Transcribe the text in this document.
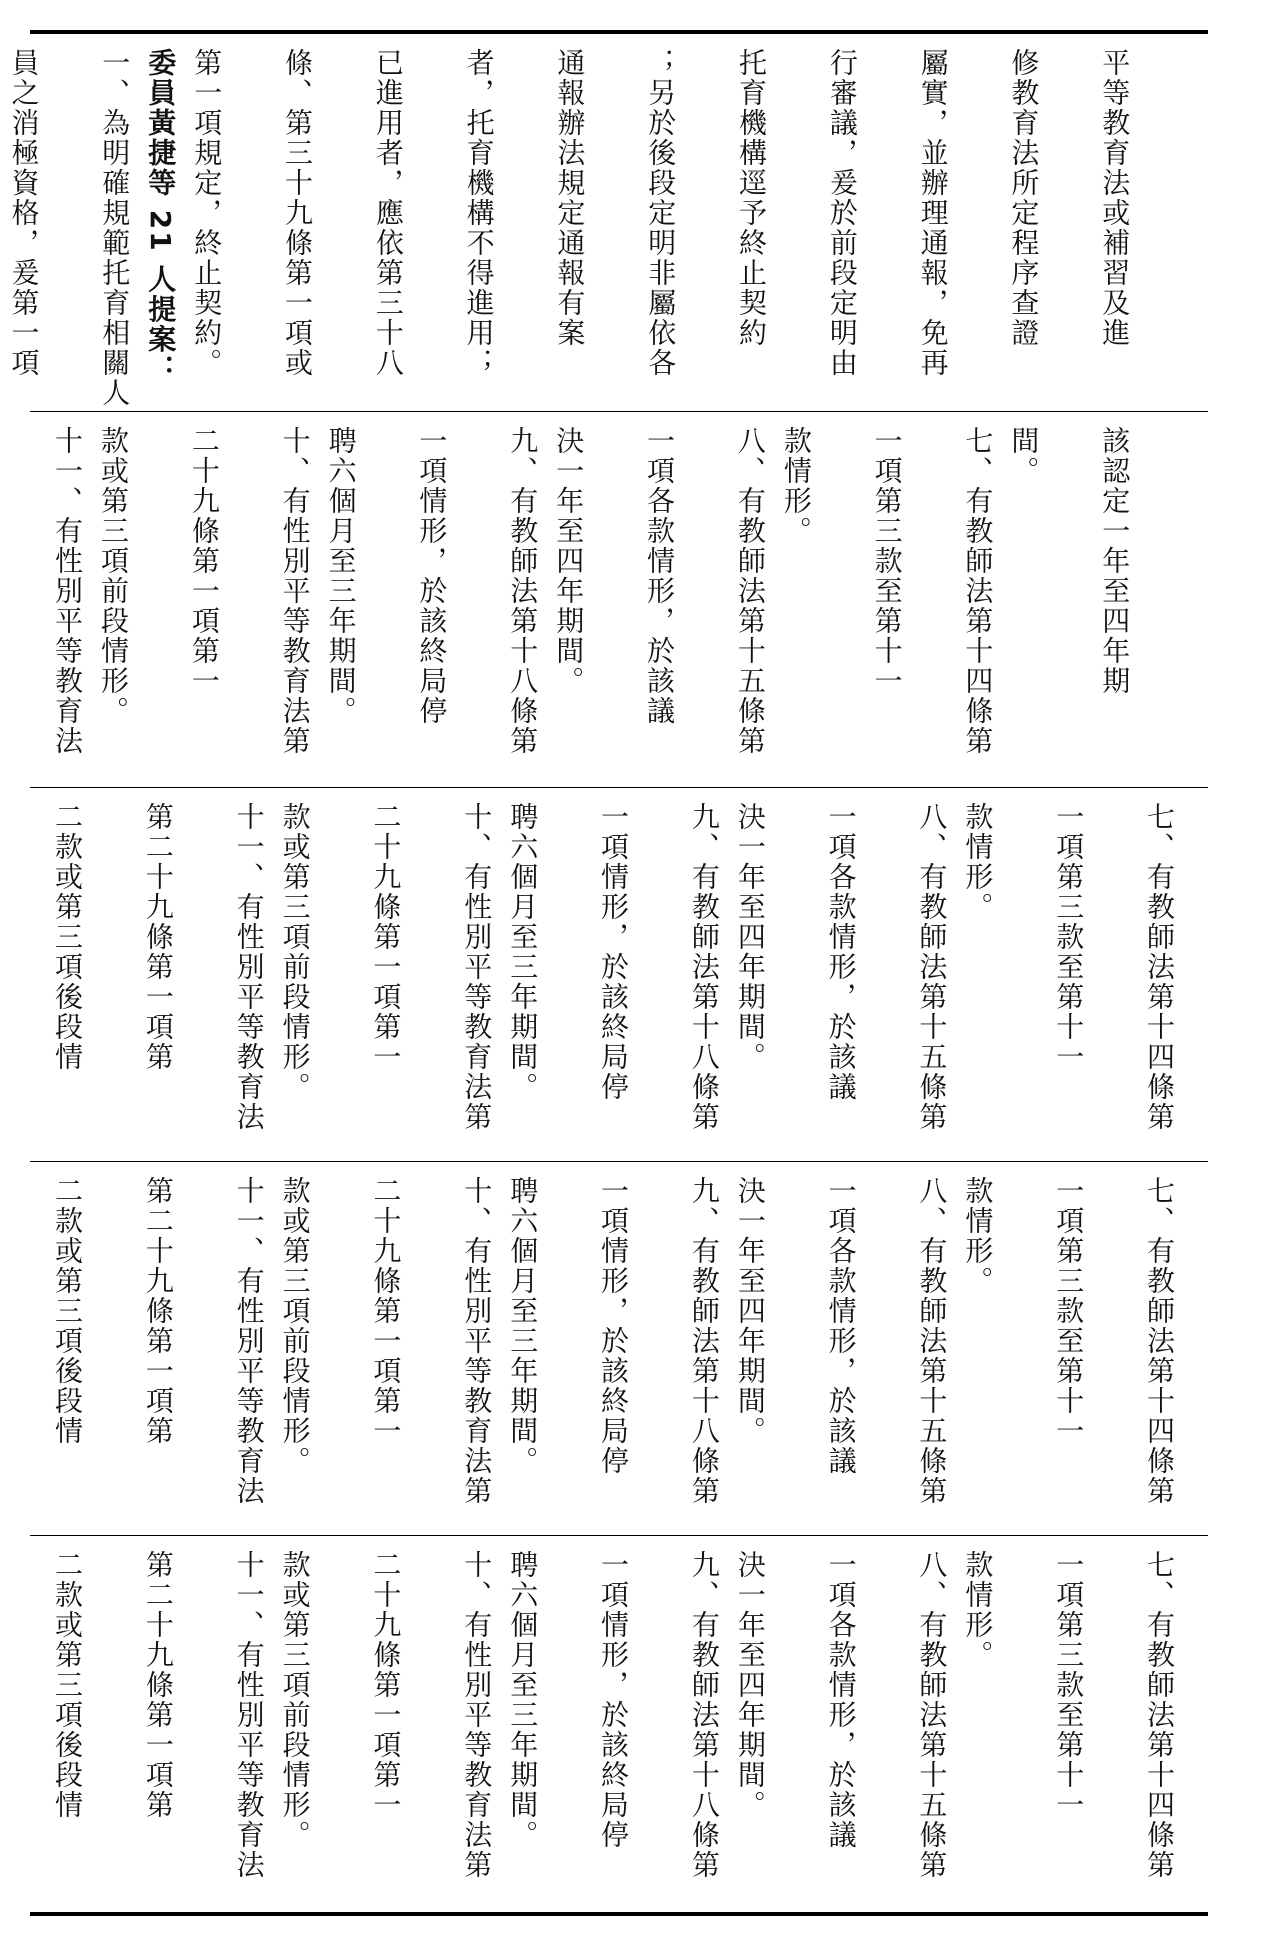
平等教育法或補習及進
修教育法所定程序查證
屬實，並辦理通報，免再
行審議，爰於前段定明由
托育機構逕予終止契約
；另於後段定明非屬依各
通報辦法規定通報有案
者，托育機構不得進用；
已進用者，應依第三十八
條、第三十九條第一項或
第一項規定，終止契約。
委員黃捷等 21 人提案：
一、為明確規範托育相關人
員之消極資格，爰第一項
該認定一年至四年期
間。
七、有教師法第十四條第
一項第三款至第十一
款情形。
八、有教師法第十五條第
一項各款情形，於該議
決一年至四年期間。
九、有教師法第十八條第
一項情形，於該終局停
聘六個月至三年期間。
十、有性別平等教育法第
二十九條第一項第一
款或第三項前段情形。
十一、有性別平等教育法
七、有教師法第十四條第
一項第三款至第十一
款情形。
八、有教師法第十五條第
一項各款情形，於該議
決一年至四年期間。
九、有教師法第十八條第
一項情形，於該終局停
聘六個月至三年期間。
十、有性別平等教育法第
二十九條第一項第一
款或第三項前段情形。
十一、有性別平等教育法
第二十九條第一項第
二款或第三項後段情
七、有教師法第十四條第
一項第三款至第十一
款情形。
八、有教師法第十五條第
一項各款情形，於該議
決一年至四年期間。
九、有教師法第十八條第
一項情形，於該終局停
聘六個月至三年期間。
十、有性別平等教育法第
二十九條第一項第一
款或第三項前段情形。
十一、有性別平等教育法
第二十九條第一項第
二款或第三項後段情
七、有教師法第十四條第
一項第三款至第十一
款情形。
八、有教師法第十五條第
一項各款情形，於該議
決一年至四年期間。
九、有教師法第十八條第
一項情形，於該終局停
聘六個月至三年期間。
十、有性別平等教育法第
二十九條第一項第一
款或第三項前段情形。
十一、有性別平等教育法
第二十九條第一項第
二款或第三項後段情
